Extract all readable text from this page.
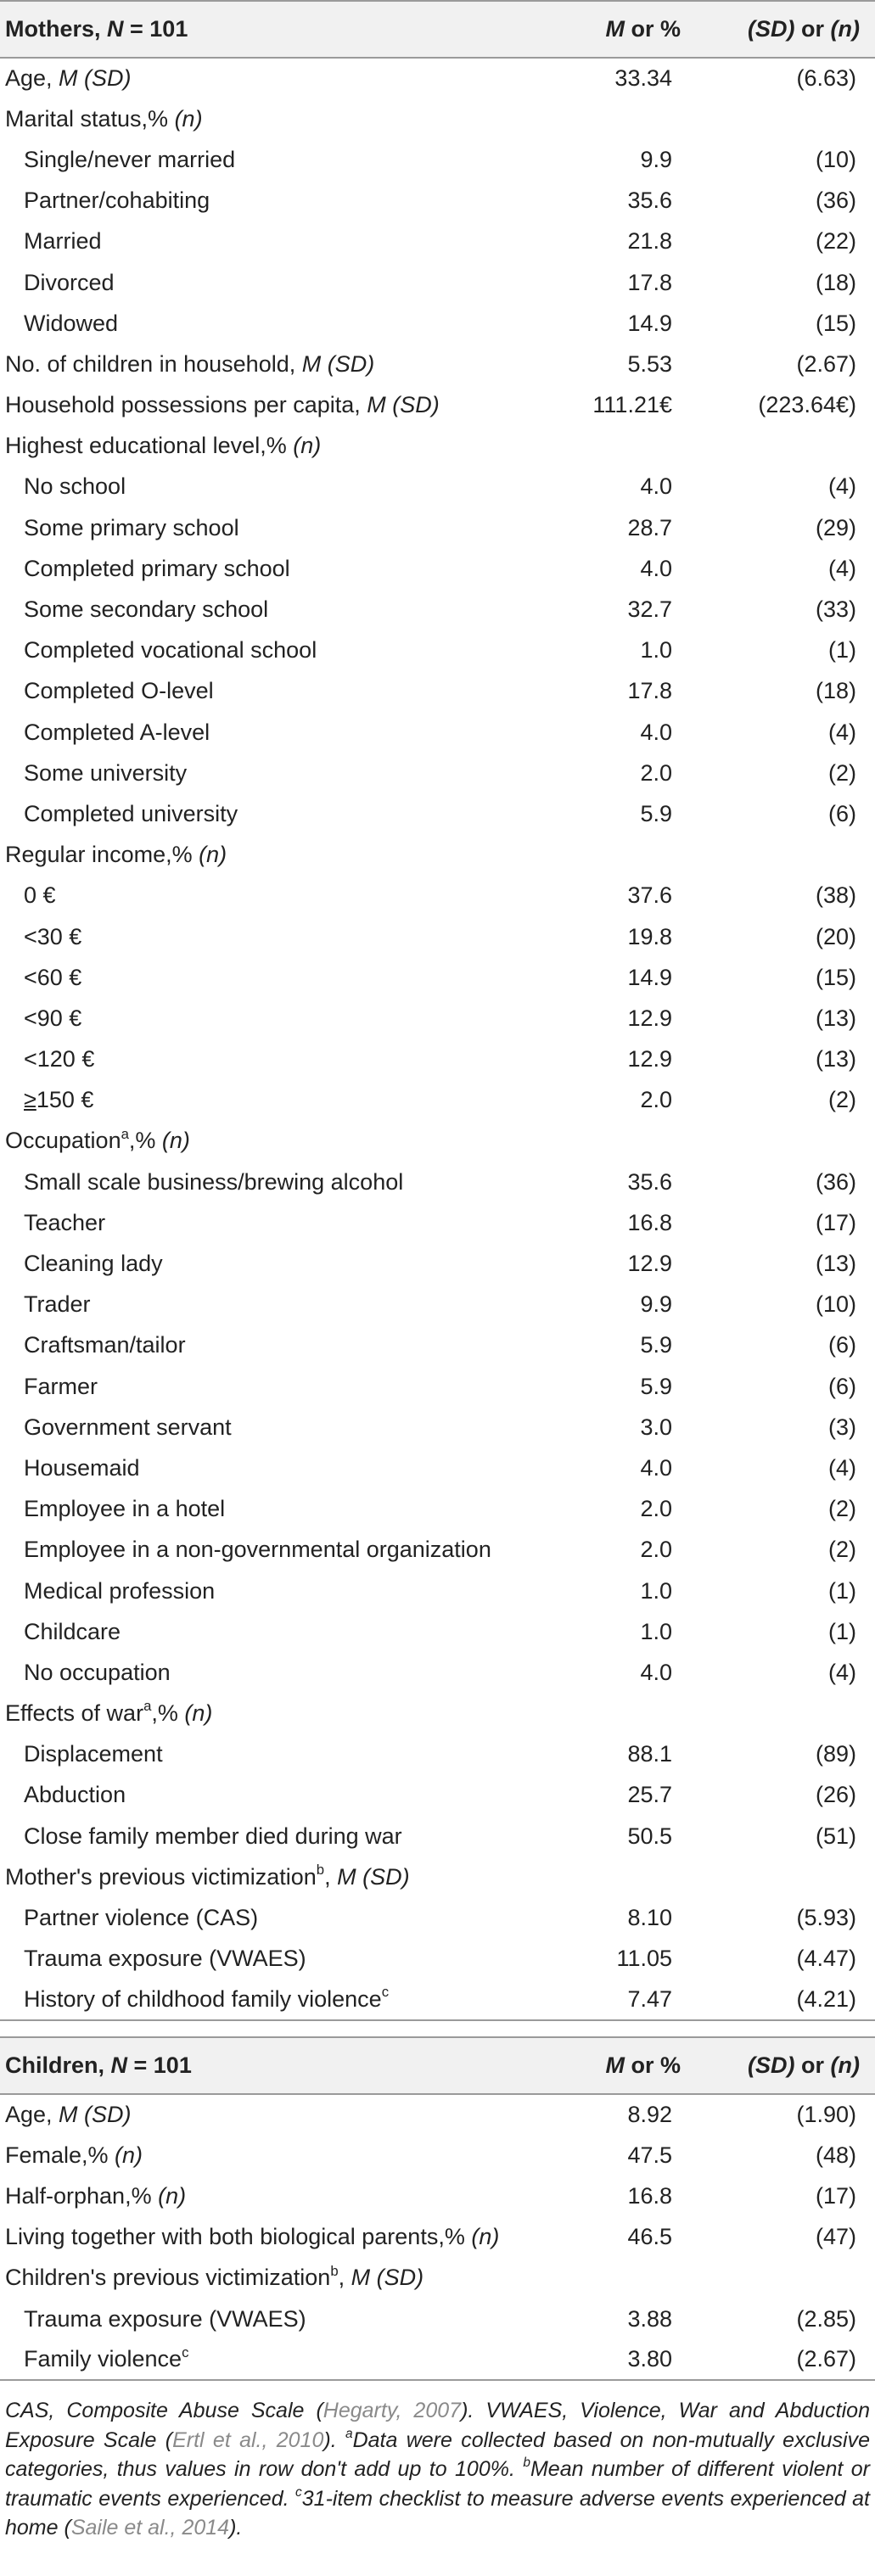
Mothers, N = 101	M or %	(SD) or (n)
Age, M (SD)	33.34	(6.63)
Marital status,% (n)		
Single/never married	9.9	(10)
Partner/cohabiting	35.6	(36)
Married	21.8	(22)
Divorced	17.8	(18)
Widowed	14.9	(15)
No. of children in household, M (SD)	5.53	(2.67)
Household possessions per capita, M (SD)	111.21€	(223.64€)
Highest educational level,% (n)		
No school	4.0	(4)
Some primary school	28.7	(29)
Completed primary school	4.0	(4)
Some secondary school	32.7	(33)
Completed vocational school	1.0	(1)
Completed O-level	17.8	(18)
Completed A-level	4.0	(4)
Some university	2.0	(2)
Completed university	5.9	(6)
Regular income,% (n)		
0 €	37.6	(38)
<30 €	19.8	(20)
<60 €	14.9	(15)
<90 €	12.9	(13)
<120 €	12.9	(13)
≥150 €	2.0	(2)
Occupation$^a$,% (n)		
Small scale business/brewing alcohol	35.6	(36)
Teacher	16.8	(17)
Cleaning lady	12.9	(13)
Trader	9.9	(10)
Craftsman/tailor	5.9	(6)
Farmer	5.9	(6)
Government servant	3.0	(3)
Housemaid	4.0	(4)
Employee in a hotel	2.0	(2)
Employee in a non-governmental organization	2.0	(2)
Medical profession	1.0	(1)
Childcare	1.0	(1)
No occupation	4.0	(4)
Effects of war$^a$,% (n)		
Displacement	88.1	(89)
Abduction	25.7	(26)
Close family member died during war	50.5	(51)
Mother's previous victimization$^b$, M (SD)		
Partner violence (CAS)	8.10	(5.93)
Trauma exposure (VWAES)	11.05	(4.47)
History of childhood family violence$^c$	7.47	(4.21)
Children, N = 101	M or %	(SD) or (n)
Age, M (SD)	8.92	(1.90)
Female,% (n)	47.5	(48)
Half-orphan,% (n)	16.8	(17)
Living together with both biological parents,% (n)	46.5	(47)
Children's previous victimization$^b$, M (SD)		
Trauma exposure (VWAES)	3.88	(2.85)
Family violence$^c$	3.80	(2.67)

CAS, Composite Abuse Scale (Hegarty, 2007). VWAES, Violence, War and Abduction Exposure Scale (Ertl et al., 2010). $^a$Data were collected based on non-mutually exclusive categories, thus values in row don't add up to 100%. $^b$Mean number of different violent or traumatic events experienced. $^c$31-item checklist to measure adverse events experienced at home (Saile et al., 2014).
